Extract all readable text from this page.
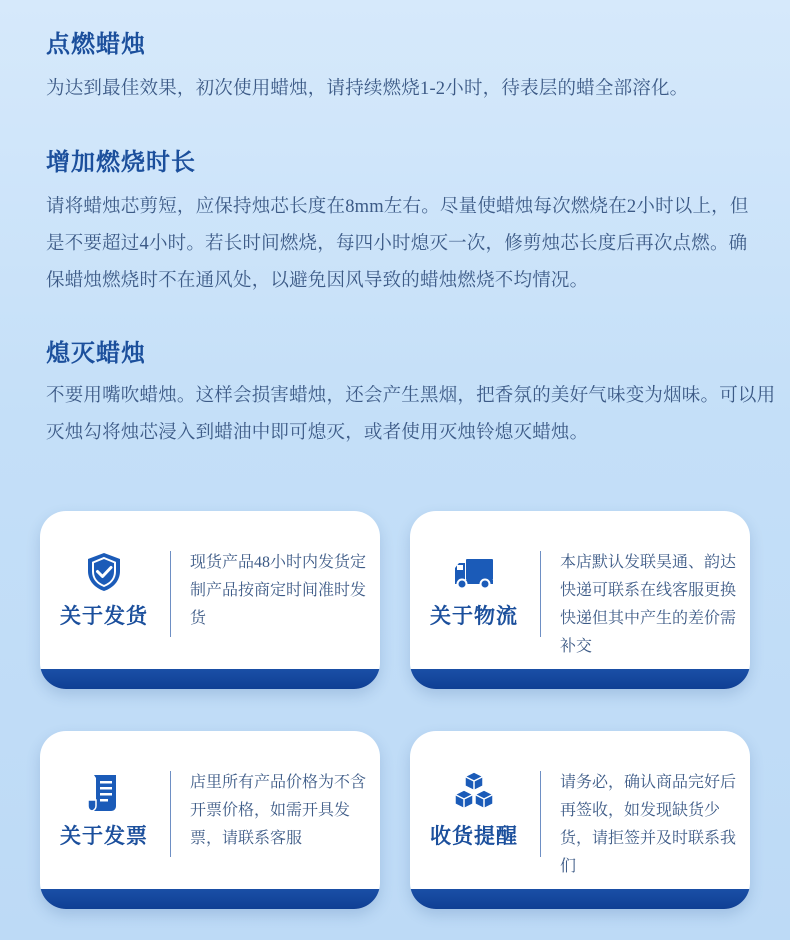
点燃蜡烛

为达到最佳效果，初次使用蜡烛，请持续燃烧1-2小时，待表层的蜡全部溶化。

增加燃烧时长

请将蜡烛芯剪短，应保持烛芯长度在8mm左右。尽量使蜡烛每次燃烧在2小时以上，但是不要超过4小时。若长时间燃烧，每四小时熄灭一次，修剪烛芯长度后再次点燃。确保蜡烛燃烧时不在通风处，以避免因风导致的蜡烛燃烧不均情况。

熄灭蜡烛

不要用嘴吹蜡烛。这样会损害蜡烛，还会产生黑烟，把香氛的美好气味变为烟味。可以用灭烛勾将烛芯浸入到蜡油中即可熄灭，或者使用灭烛铃熄灭蜡烛。

关于发货

现货产品48小时内发货定制产品按商定时间准时发货	关于物流

本店默认发联昊通、韵达快递可联系在线客服更换快递但其中产生的差价需补交

关于发票

店里所有产品价格为不含开票价格，如需开具发票，请联系客服	收货提醒

请务必，确认商品完好后再签收，如发现缺货少货，请拒签并及时联系我们
